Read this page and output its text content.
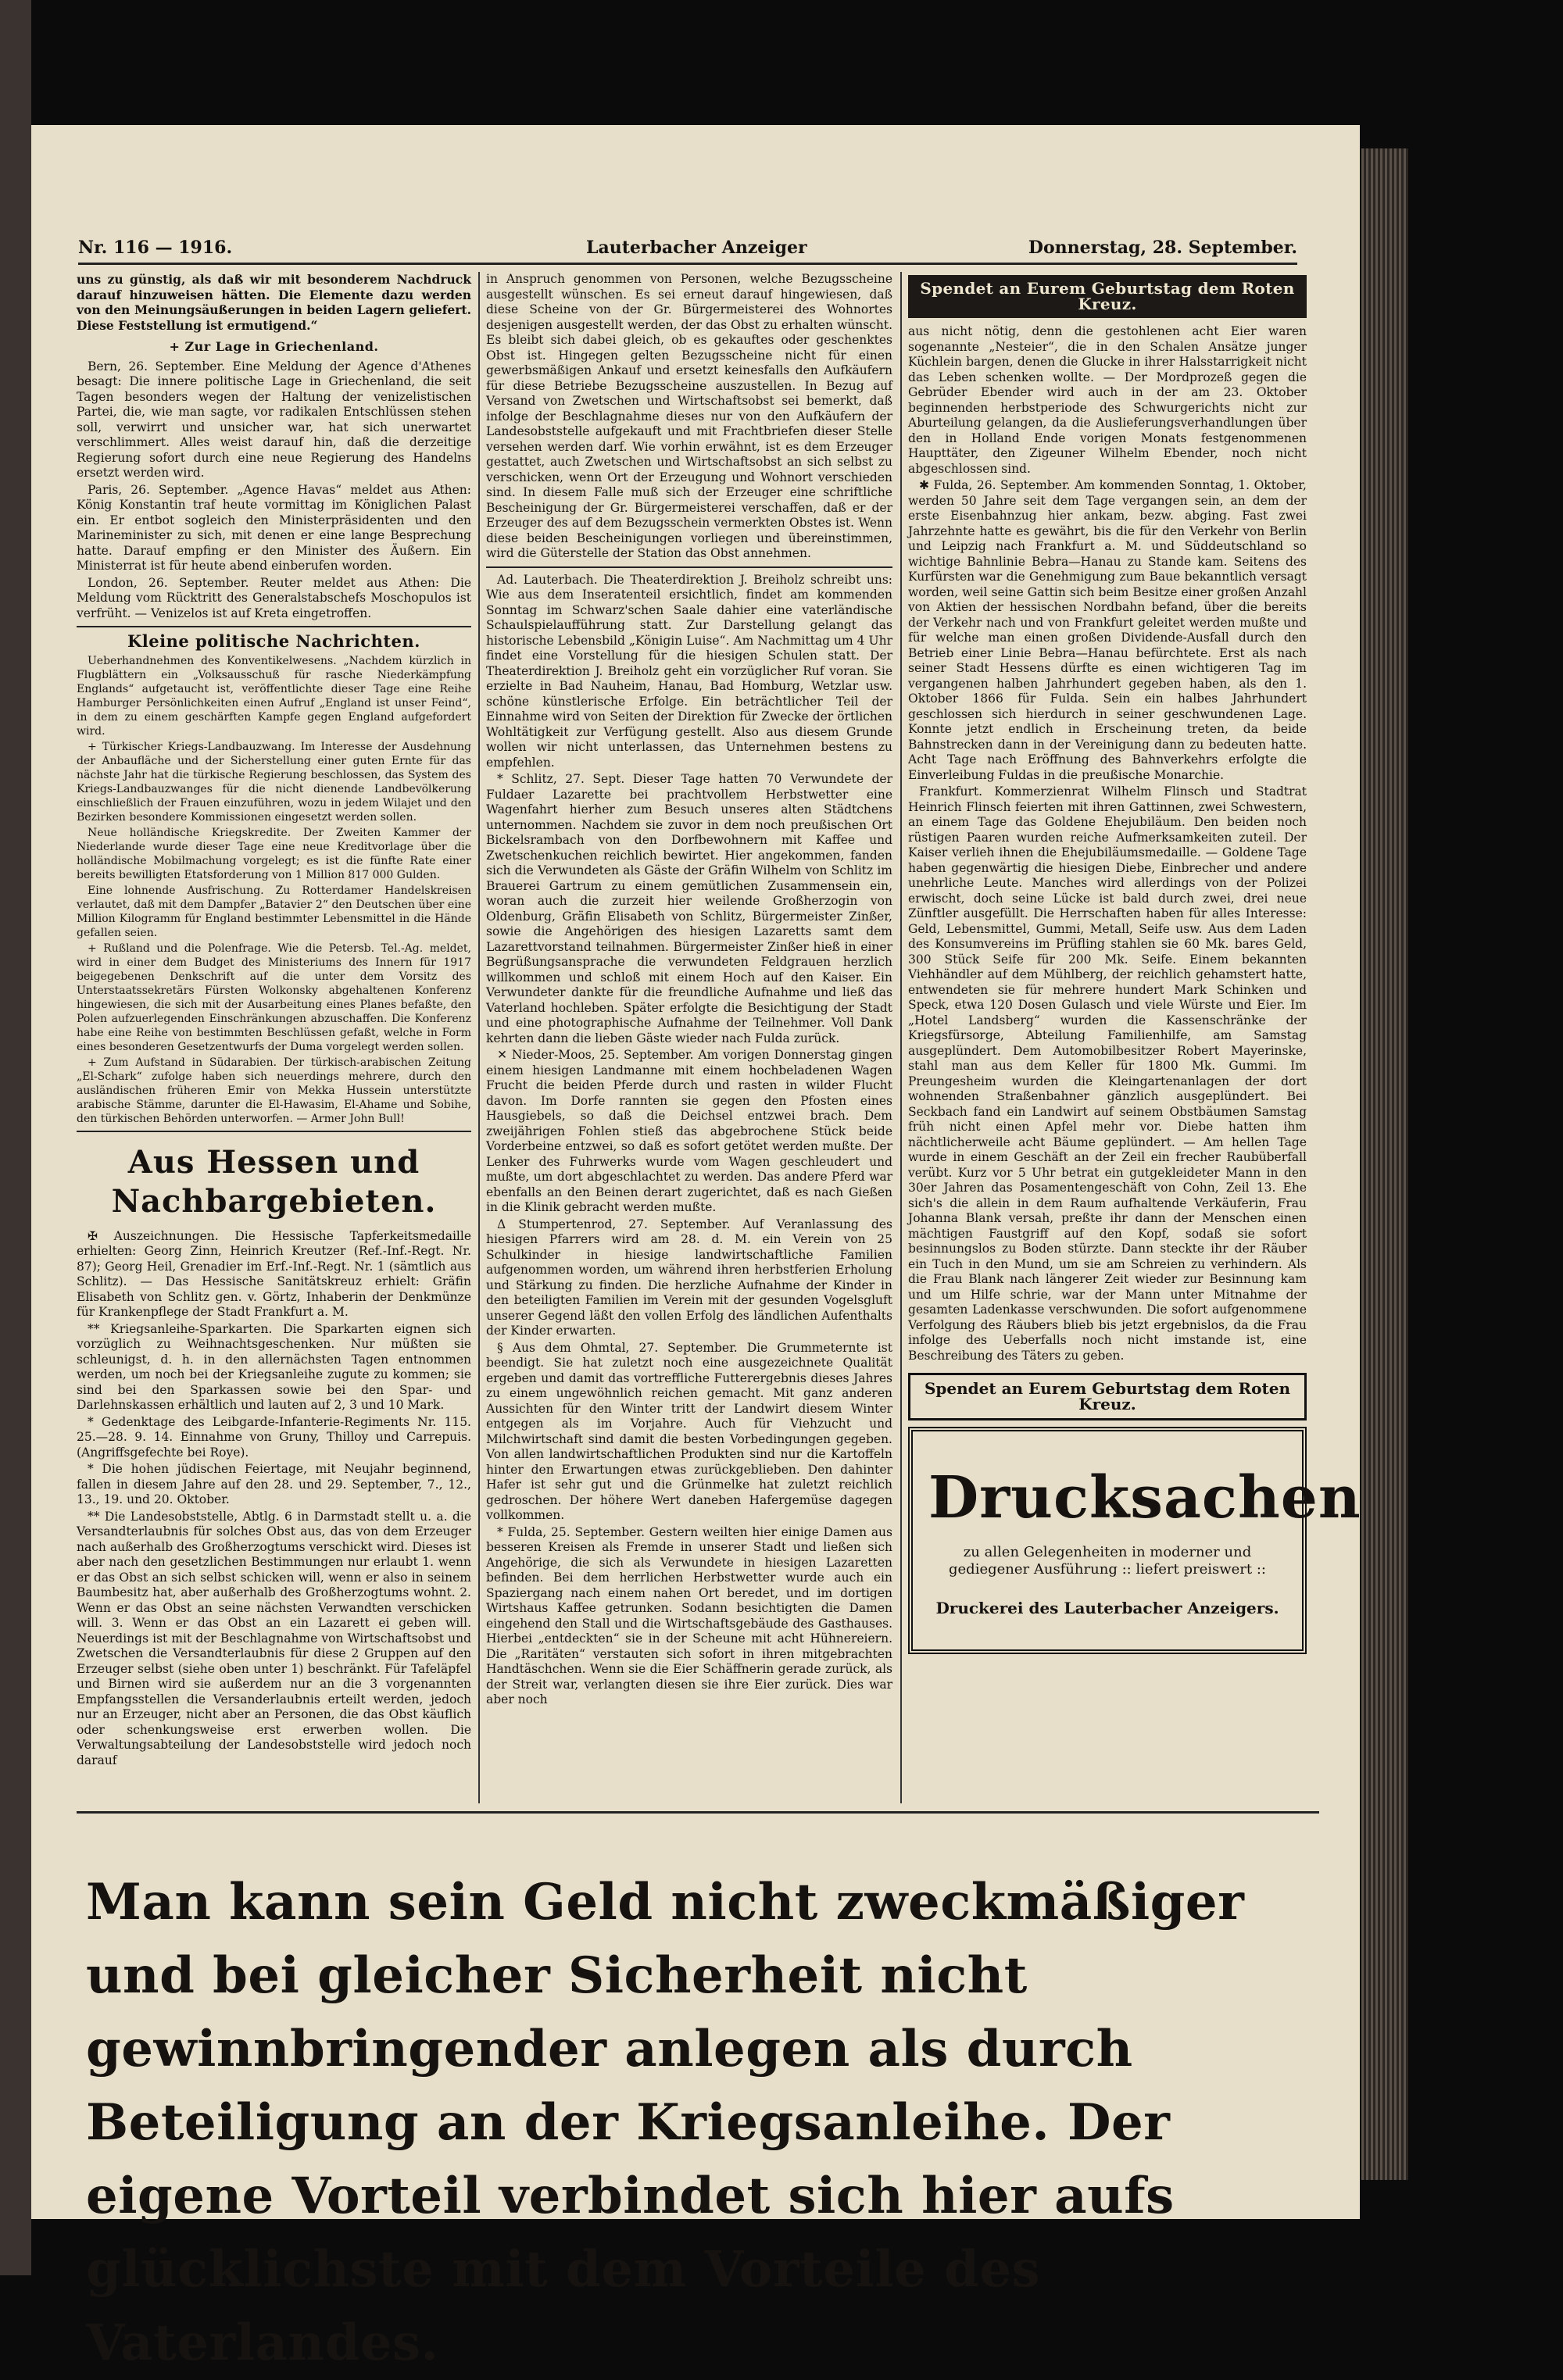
Nr. 116 — 1916.	Lauterbacher Anzeiger	Donnerstag, 28. September.

uns zu günstig, als daß wir mit besonderem Nachdruck darauf hinzuweisen hätten. Die Elemente dazu werden von den Meinungsäußerungen in beiden Lagern geliefert. Diese Feststellung ist ermutigend.“

+ Zur Lage in Griechenland.

Bern, 26. September. Eine Meldung der Agence d'Athenes besagt: Die innere politische Lage in Griechenland, die seit Tagen besonders wegen der Haltung der venizelistischen Partei, die, wie man sagte, vor radikalen Entschlüssen stehen soll, verwirrt und unsicher war, hat sich unerwartet verschlimmert. Alles weist darauf hin, daß die derzeitige Regierung sofort durch eine neue Regierung des Handelns ersetzt werden wird.

Paris, 26. September. „Agence Havas“ meldet aus Athen: König Konstantin traf heute vormittag im Königlichen Palast ein. Er entbot sogleich den Ministerpräsidenten und den Marineminister zu sich, mit denen er eine lange Besprechung hatte. Darauf empfing er den Minister des Äußern. Ein Ministerrat ist für heute abend einberufen worden.

London, 26. September. Reuter meldet aus Athen: Die Meldung vom Rücktritt des Generalstabschefs Moschopulos ist verfrüht. — Venizelos ist auf Kreta eingetroffen.

Kleine politische Nachrichten.

Ueberhandnehmen des Konventikelwesens. „Nachdem kürzlich in Flugblättern ein „Volksausschuß für rasche Niederkämpfung Englands“ aufgetaucht ist, veröffentlichte dieser Tage eine Reihe Hamburger Persönlichkeiten einen Aufruf „England ist unser Feind“, in dem zu einem geschärften Kampfe gegen England aufgefordert wird.

+ Türkischer Kriegs-Landbauzwang. Im Interesse der Ausdehnung der Anbaufläche und der Sicherstellung einer guten Ernte für das nächste Jahr hat die türkische Regierung beschlossen, das System des Kriegs-Landbauzwanges für die nicht dienende Landbevölkerung einschließlich der Frauen einzuführen, wozu in jedem Wilajet und den Bezirken besondere Kommissionen eingesetzt werden sollen.

Neue holländische Kriegskredite. Der Zweiten Kammer der Niederlande wurde dieser Tage eine neue Kreditvorlage über die holländische Mobilmachung vorgelegt; es ist die fünfte Rate einer bereits bewilligten Etatsforderung von 1 Million 817 000 Gulden.

Eine lohnende Ausfrischung. Zu Rotterdamer Handelskreisen verlautet, daß mit dem Dampfer „Batavier 2“ den Deutschen über eine Million Kilogramm für England bestimmter Lebensmittel in die Hände gefallen seien.

+ Rußland und die Polenfrage. Wie die Petersb. Tel.-Ag. meldet, wird in einer dem Budget des Ministeriums des Innern für 1917 beigegebenen Denkschrift auf die unter dem Vorsitz des Unterstaatssekretärs Fürsten Wolkonsky abgehaltenen Konferenz hingewiesen, die sich mit der Ausarbeitung eines Planes befaßte, den Polen aufzuerlegenden Einschränkungen abzuschaffen. Die Konferenz habe eine Reihe von bestimmten Beschlüssen gefaßt, welche in Form eines besonderen Gesetzentwurfs der Duma vorgelegt werden sollen.

+ Zum Aufstand in Südarabien. Der türkisch-arabischen Zeitung „El-Schark“ zufolge haben sich neuerdings mehrere, durch den ausländischen früheren Emir von Mekka Hussein unterstützte arabische Stämme, darunter die El-Hawasim, El-Ahame und Sobihe, den türkischen Behörden unterworfen. — Armer John Bull!

Aus Hessen und Nachbargebieten.

✠ Auszeichnungen. Die Hessische Tapferkeitsmedaille erhielten: Georg Zinn, Heinrich Kreutzer (Ref.-Inf.-Regt. Nr. 87); Georg Heil, Grenadier im Erf.-Inf.-Regt. Nr. 1 (sämtlich aus Schlitz). — Das Hessische Sanitätskreuz erhielt: Gräfin Elisabeth von Schlitz gen. v. Görtz, Inhaberin der Denkmünze für Krankenpflege der Stadt Frankfurt a. M.

** Kriegsanleihe-Sparkarten. Die Sparkarten eignen sich vorzüglich zu Weihnachtsgeschenken. Nur müßten sie schleunigst, d. h. in den allernächsten Tagen entnommen werden, um noch bei der Kriegsanleihe zugute zu kommen; sie sind bei den Sparkassen sowie bei den Spar- und Darlehnskassen erhältlich und lauten auf 2, 3 und 10 Mark.

* Gedenktage des Leibgarde-Infanterie-Regiments Nr. 115. 25.—28. 9. 14. Einnahme von Gruny, Thilloy und Carrepuis. (Angriffsgefechte bei Roye).

* Die hohen jüdischen Feiertage, mit Neujahr beginnend, fallen in diesem Jahre auf den 28. und 29. September, 7., 12., 13., 19. und 20. Oktober.

** Die Landesobststelle, Abtlg. 6 in Darmstadt stellt u. a. die Versandterlaubnis für solches Obst aus, das von dem Erzeuger nach außerhalb des Großherzogtums verschickt wird. Dieses ist aber nach den gesetzlichen Bestimmungen nur erlaubt 1. wenn er das Obst an sich selbst schicken will, wenn er also in seinem Baumbesitz hat, aber außerhalb des Großherzogtums wohnt. 2. Wenn er das Obst an seine nächsten Verwandten verschicken will. 3. Wenn er das Obst an ein Lazarett ei geben will. Neuerdings ist mit der Beschlagnahme von Wirtschaftsobst und Zwetschen die Versandterlaubnis für diese 2 Gruppen auf den Erzeuger selbst (siehe oben unter 1) beschränkt. Für Tafeläpfel und Birnen wird sie außerdem nur an die 3 vorgenannten Empfangsstellen die Versanderlaubnis erteilt werden, jedoch nur an Erzeuger, nicht aber an Personen, die das Obst käuflich oder schenkungsweise erst erwerben wollen. Die Verwaltungsabteilung der Landesobststelle wird jedoch noch darauf

in Anspruch genommen von Personen, welche Bezugsscheine ausgestellt wünschen. Es sei erneut darauf hingewiesen, daß diese Scheine von der Gr. Bürgermeisterei des Wohnortes desjenigen ausgestellt werden, der das Obst zu erhalten wünscht. Es bleibt sich dabei gleich, ob es gekauftes oder geschenktes Obst ist. Hingegen gelten Bezugsscheine nicht für einen gewerbsmäßigen Ankauf und ersetzt keinesfalls den Aufkäufern für diese Betriebe Bezugsscheine auszustellen. In Bezug auf Versand von Zwetschen und Wirtschaftsobst sei bemerkt, daß infolge der Beschlagnahme dieses nur von den Aufkäufern der Landesobststelle aufgekauft und mit Frachtbriefen dieser Stelle versehen werden darf. Wie vorhin erwähnt, ist es dem Erzeuger gestattet, auch Zwetschen und Wirtschaftsobst an sich selbst zu verschicken, wenn Ort der Erzeugung und Wohnort verschieden sind. In diesem Falle muß sich der Erzeuger eine schriftliche Bescheinigung der Gr. Bürgermeisterei verschaffen, daß er der Erzeuger des auf dem Bezugsschein vermerkten Obstes ist. Wenn diese beiden Bescheinigungen vorliegen und übereinstimmen, wird die Güterstelle der Station das Obst annehmen.

Ad. Lauterbach. Die Theaterdirektion J. Breiholz schreibt uns: Wie aus dem Inseratenteil ersichtlich, findet am kommenden Sonntag im Schwarz'schen Saale dahier eine vaterländische Schaulspielaufführung statt. Zur Darstellung gelangt das historische Lebensbild „Königin Luise“. Am Nachmittag um 4 Uhr findet eine Vorstellung für die hiesigen Schulen statt. Der Theaterdirektion J. Breiholz geht ein vorzüglicher Ruf voran. Sie erzielte in Bad Nauheim, Hanau, Bad Homburg, Wetzlar usw. schöne künstlerische Erfolge. Ein beträchtlicher Teil der Einnahme wird von Seiten der Direktion für Zwecke der örtlichen Wohltätigkeit zur Verfügung gestellt. Also aus diesem Grunde wollen wir nicht unterlassen, das Unternehmen bestens zu empfehlen.

* Schlitz, 27. Sept. Dieser Tage hatten 70 Verwundete der Fuldaer Lazarette bei prachtvollem Herbstwetter eine Wagenfahrt hierher zum Besuch unseres alten Städtchens unternommen. Nachdem sie zuvor in dem noch preußischen Ort Bickelsrambach von den Dorfbewohnern mit Kaffee und Zwetschenkuchen reichlich bewirtet. Hier angekommen, fanden sich die Verwundeten als Gäste der Gräfin Wilhelm von Schlitz im Brauerei Gartrum zu einem gemütlichen Zusammensein ein, woran auch die zurzeit hier weilende Großherzogin von Oldenburg, Gräfin Elisabeth von Schlitz, Bürgermeister Zinßer, sowie die Angehörigen des hiesigen Lazaretts samt dem Lazarettvorstand teilnahmen. Bürgermeister Zinßer hieß in einer Begrüßungsansprache die verwundeten Feldgrauen herzlich willkommen und schloß mit einem Hoch auf den Kaiser. Ein Verwundeter dankte für die freundliche Aufnahme und ließ das Vaterland hochleben. Später erfolgte die Besichtigung der Stadt und eine photographische Aufnahme der Teilnehmer. Voll Dank kehrten dann die lieben Gäste wieder nach Fulda zurück.

✕ Nieder-Moos, 25. September. Am vorigen Donnerstag gingen einem hiesigen Landmanne mit einem hochbeladenen Wagen Frucht die beiden Pferde durch und rasten in wilder Flucht davon. Im Dorfe rannten sie gegen den Pfosten eines Hausgiebels, so daß die Deichsel entzwei brach. Dem zweijährigen Fohlen stieß das abgebrochene Stück beide Vorderbeine entzwei, so daß es sofort getötet werden mußte. Der Lenker des Fuhrwerks wurde vom Wagen geschleudert und mußte, um dort abgeschlachtet zu werden. Das andere Pferd war ebenfalls an den Beinen derart zugerichtet, daß es nach Gießen in die Klinik gebracht werden mußte.

Δ Stumpertenrod, 27. September. Auf Veranlassung des hiesigen Pfarrers wird am 28. d. M. ein Verein von 25 Schulkinder in hiesige landwirtschaftliche Familien aufgenommen worden, um während ihren herbstferien Erholung und Stärkung zu finden. Die herzliche Aufnahme der Kinder in den beteiligten Familien im Verein mit der gesunden Vogelsgluft unserer Gegend läßt den vollen Erfolg des ländlichen Aufenthalts der Kinder erwarten.

§ Aus dem Ohmtal, 27. September. Die Grummeternte ist beendigt. Sie hat zuletzt noch eine ausgezeichnete Qualität ergeben und damit das vortreffliche Futterergebnis dieses Jahres zu einem ungewöhnlich reichen gemacht. Mit ganz anderen Aussichten für den Winter tritt der Landwirt diesem Winter entgegen als im Vorjahre. Auch für Viehzucht und Milchwirtschaft sind damit die besten Vorbedingungen gegeben. Von allen landwirtschaftlichen Produkten sind nur die Kartoffeln hinter den Erwartungen etwas zurückgeblieben. Den dahinter Hafer ist sehr gut und die Grünmelke hat zuletzt reichlich gedroschen. Der höhere Wert daneben Hafergemüse dagegen vollkommen.

* Fulda, 25. September. Gestern weilten hier einige Damen aus besseren Kreisen als Fremde in unserer Stadt und ließen sich Angehörige, die sich als Verwundete in hiesigen Lazaretten befinden. Bei dem herrlichen Herbstwetter wurde auch ein Spaziergang nach einem nahen Ort beredet, und im dortigen Wirtshaus Kaffee getrunken. Sodann besichtigten die Damen eingehend den Stall und die Wirtschaftsgebäude des Gasthauses. Hierbei „entdeckten“ sie in der Scheune mit acht Hühnereiern. Die „Raritäten“ verstauten sich sofort in ihren mitgebrachten Handtäschchen. Wenn sie die Eier Schäffnerin gerade zurück, als der Streit war, verlangten diesen sie ihre Eier zurück. Dies war aber noch

Spendet an Eurem Geburtstag dem Roten Kreuz.

aus nicht nötig, denn die gestohlenen acht Eier waren sogenannte „Nesteier“, die in den Schalen Ansätze junger Küchlein bargen, denen die Glucke in ihrer Halsstarrigkeit nicht das Leben schenken wollte. — Der Mordprozeß gegen die Gebrüder Ebender wird auch in der am 23. Oktober beginnenden herbstperiode des Schwurgerichts nicht zur Aburteilung gelangen, da die Auslieferungsverhandlungen über den in Holland Ende vorigen Monats festgenommenen Haupttäter, den Zigeuner Wilhelm Ebender, noch nicht abgeschlossen sind.

✱ Fulda, 26. September. Am kommenden Sonntag, 1. Oktober, werden 50 Jahre seit dem Tage vergangen sein, an dem der erste Eisenbahnzug hier ankam, bezw. abging. Fast zwei Jahrzehnte hatte es gewährt, bis die für den Verkehr von Berlin und Leipzig nach Frankfurt a. M. und Süddeutschland so wichtige Bahnlinie Bebra—Hanau zu Stande kam. Seitens des Kurfürsten war die Genehmigung zum Baue bekanntlich versagt worden, weil seine Gattin sich beim Besitze einer großen Anzahl von Aktien der hessischen Nordbahn befand, über die bereits der Verkehr nach und von Frankfurt geleitet werden mußte und für welche man einen großen Dividende-Ausfall durch den Betrieb einer Linie Bebra—Hanau befürchtete. Erst als nach seiner Stadt Hessens dürfte es einen wichtigeren Tag im vergangenen halben Jahrhundert gegeben haben, als den 1. Oktober 1866 für Fulda. Sein ein halbes Jahrhundert geschlossen sich hierdurch in seiner geschwundenen Lage. Konnte jetzt endlich in Erscheinung treten, da beide Bahnstrecken dann in der Vereinigung dann zu bedeuten hatte. Acht Tage nach Eröffnung des Bahnverkehrs erfolgte die Einverleibung Fuldas in die preußische Monarchie.

Frankfurt. Kommerzienrat Wilhelm Flinsch und Stadtrat Heinrich Flinsch feierten mit ihren Gattinnen, zwei Schwestern, an einem Tage das Goldene Ehejubiläum. Den beiden noch rüstigen Paaren wurden reiche Aufmerksamkeiten zuteil. Der Kaiser verlieh ihnen die Ehejubiläumsmedaille. — Goldene Tage haben gegenwärtig die hiesigen Diebe, Einbrecher und andere unehrliche Leute. Manches wird allerdings von der Polizei erwischt, doch seine Lücke ist bald durch zwei, drei neue Zünftler ausgefüllt. Die Herrschaften haben für alles Interesse: Geld, Lebensmittel, Gummi, Metall, Seife usw. Aus dem Laden des Konsumvereins im Prüfling stahlen sie 60 Mk. bares Geld, 300 Stück Seife für 200 Mk. Seife. Einem bekannten Viehhändler auf dem Mühlberg, der reichlich gehamstert hatte, entwendeten sie für mehrere hundert Mark Schinken und Speck, etwa 120 Dosen Gulasch und viele Würste und Eier. Im „Hotel Landsberg“ wurden die Kassenschränke der Kriegsfürsorge, Abteilung Familienhilfe, am Samstag ausgeplündert. Dem Automobilbesitzer Robert Mayerinske, stahl man aus dem Keller für 1800 Mk. Gummi. Im Preungesheim wurden die Kleingartenanlagen der dort wohnenden Straßenbahner gänzlich ausgeplündert. Bei Seckbach fand ein Landwirt auf seinem Obstbäumen Samstag früh nicht einen Apfel mehr vor. Diebe hatten ihm nächtlicherweile acht Bäume geplündert. — Am hellen Tage wurde in einem Geschäft an der Zeil ein frecher Raubüberfall verübt. Kurz vor 5 Uhr betrat ein gutgekleideter Mann in den 30er Jahren das Posamentengeschäft von Cohn, Zeil 13. Ehe sich's die allein in dem Raum aufhaltende Verkäuferin, Frau Johanna Blank versah, preßte ihr dann der Menschen einen mächtigen Faustgriff auf den Kopf, sodaß sie sofort besinnungslos zu Boden stürzte. Dann steckte ihr der Räuber ein Tuch in den Mund, um sie am Schreien zu verhindern. Als die Frau Blank nach längerer Zeit wieder zur Besinnung kam und um Hilfe schrie, war der Mann unter Mitnahme der gesamten Ladenkasse verschwunden. Die sofort aufgenommene Verfolgung des Räubers blieb bis jetzt ergebnislos, da die Frau infolge des Ueberfalls noch nicht imstande ist, eine Beschreibung des Täters zu geben.

Spendet an Eurem Geburtstag dem Roten Kreuz.
Drucksachen
zu allen Gelegenheiten in moderner und gediegener Ausführung :: liefert preiswert ::
Druckerei des Lauterbacher Anzeigers.
Man kann sein Geld nicht zweckmäßiger und bei gleicher Sicherheit nicht gewinnbringender anlegen als durch Beteiligung an der Kriegsanleihe. Der eigene Vorteil verbindet sich hier aufs glücklichste mit dem Vorteile des Vaterlandes.
